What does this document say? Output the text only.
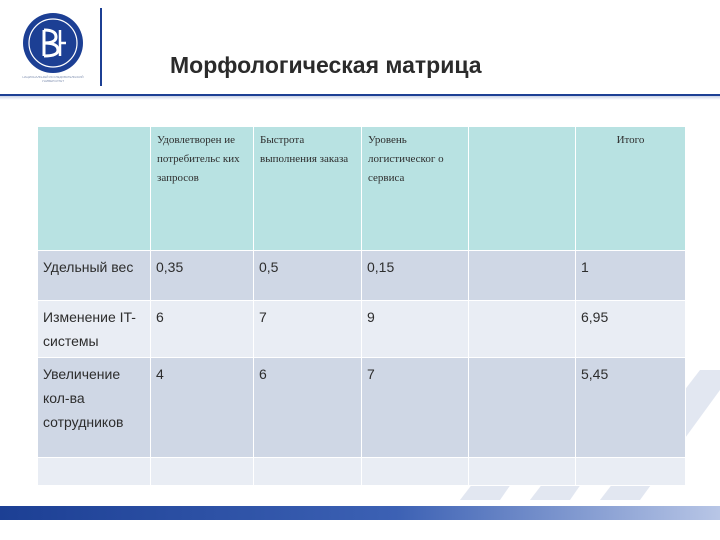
НАЦИОНАЛЬНЫЙ ИССЛЕДОВАТЕЛЬСКИЙ УНИВЕРСИТЕТ
Морфологическая матрица
	Удовлетворен ие потребительс ких запросов	Быстрота выполнения заказа	Уровень логистическог о сервиса		Итого
Удельный вес	0,35	0,5	0,15		1
Изменение IT-системы	6	7	9		6,95
Увеличение кол-ва сотрудников	4	6	7		5,45
